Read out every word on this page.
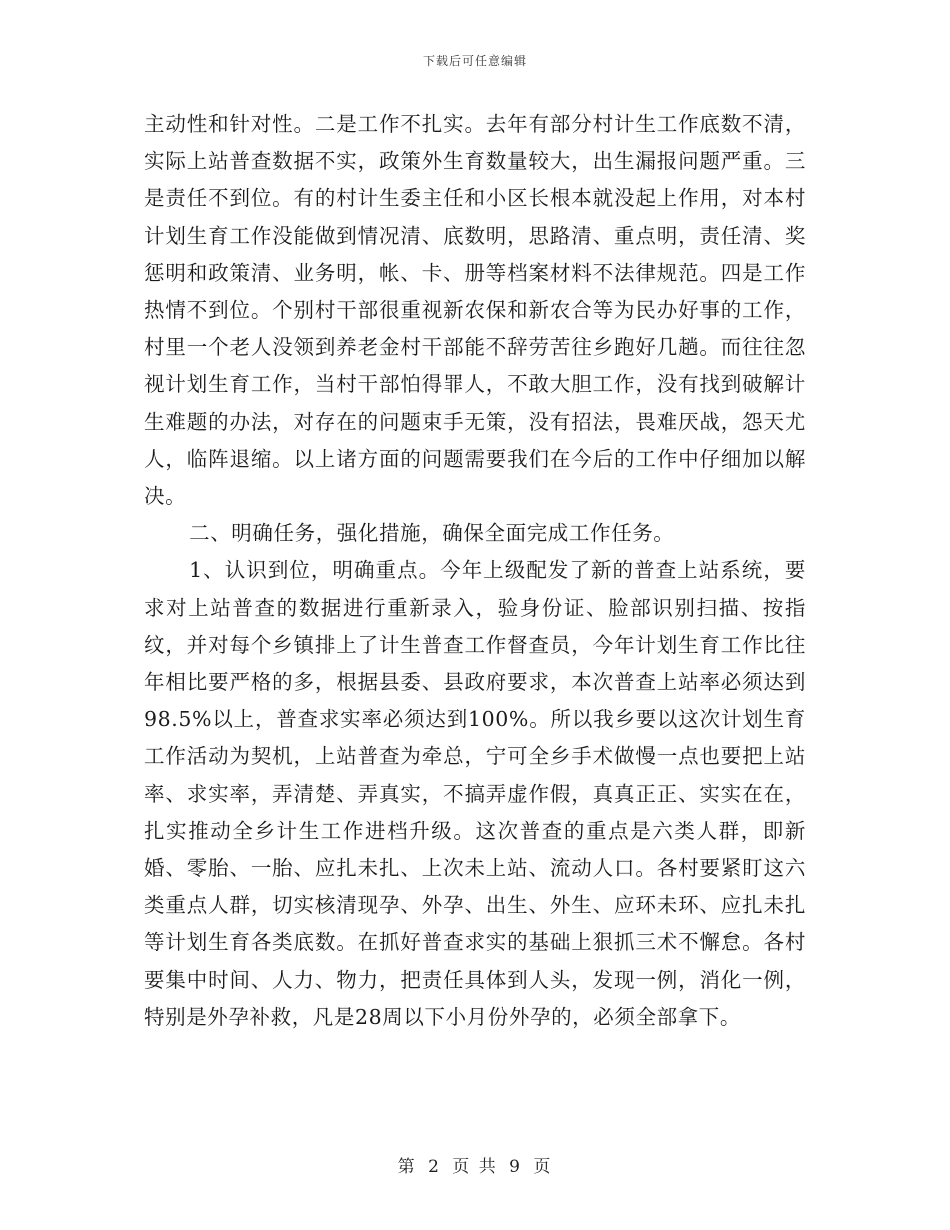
下载后可任意编辑

主动性和针对性。二是工作不扎实。去年有部分村计生工作底数不清，实际上站普查数据不实，政策外生育数量较大，出生漏报问题严重。三是责任不到位。有的村计生委主任和小区长根本就没起上作用，对本村计划生育工作没能做到情况清、底数明，思路清、重点明，责任清、奖惩明和政策清、业务明，帐、卡、册等档案材料不法律规范。四是工作热情不到位。个别村干部很重视新农保和新农合等为民办好事的工作，村里一个老人没领到养老金村干部能不辞劳苦往乡跑好几趟。而往往忽视计划生育工作，当村干部怕得罪人，不敢大胆工作，没有找到破解计生难题的办法，对存在的问题束手无策，没有招法，畏难厌战，怨天尤人，临阵退缩。以上诸方面的问题需要我们在今后的工作中仔细加以解决。

二、明确任务，强化措施，确保全面完成工作任务。

1、认识到位，明确重点。今年上级配发了新的普查上站系统，要求对上站普查的数据进行重新录入，验身份证、脸部识别扫描、按指纹，并对每个乡镇排上了计生普查工作督查员，今年计划生育工作比往年相比要严格的多，根据县委、县政府要求，本次普查上站率必须达到98.5%以上，普查求实率必须达到100%。所以我乡要以这次计划生育工作活动为契机，上站普查为牵总，宁可全乡手术做慢一点也要把上站率、求实率，弄清楚、弄真实，不搞弄虚作假，真真正正、实实在在，扎实推动全乡计生工作进档升级。这次普查的重点是六类人群，即新婚、零胎、一胎、应扎未扎、上次未上站、流动人口。各村要紧盯这六类重点人群，切实核清现孕、外孕、出生、外生、应环未环、应扎未扎等计划生育各类底数。在抓好普查求实的基础上狠抓三术不懈怠。各村要集中时间、人力、物力，把责任具体到人头，发现一例，消化一例，特别是外孕补救，凡是28周以下小月份外孕的，必须全部拿下。

第 2 页 共 9 页
